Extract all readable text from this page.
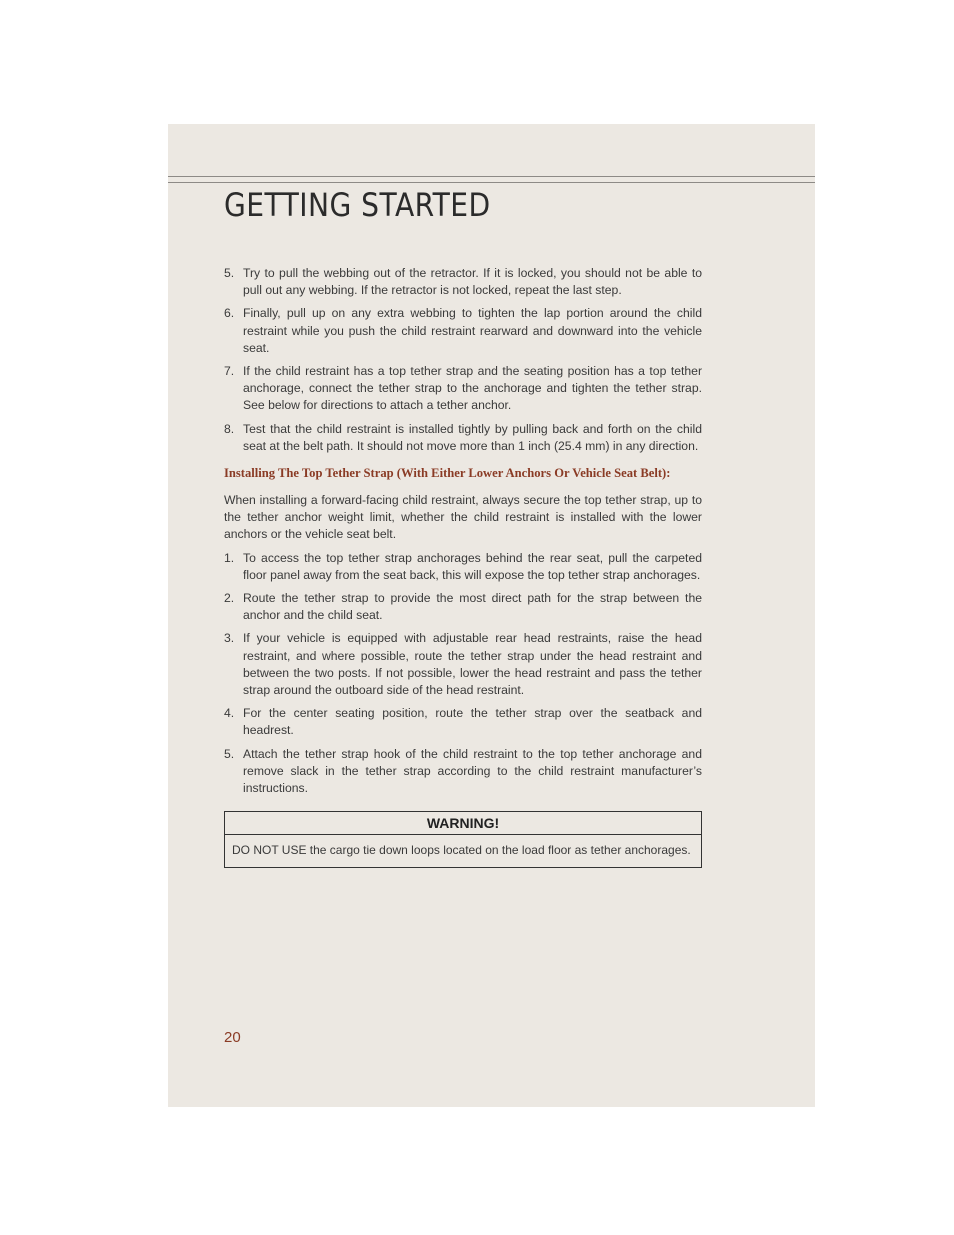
GETTING STARTED
5. Try to pull the webbing out of the retractor. If it is locked, you should not be able to pull out any webbing. If the retractor is not locked, repeat the last step.
6. Finally, pull up on any extra webbing to tighten the lap portion around the child restraint while you push the child restraint rearward and downward into the vehicle seat.
7. If the child restraint has a top tether strap and the seating position has a top tether anchorage, connect the tether strap to the anchorage and tighten the tether strap. See below for directions to attach a tether anchor.
8. Test that the child restraint is installed tightly by pulling back and forth on the child seat at the belt path. It should not move more than 1 inch (25.4 mm) in any direction.
Installing The Top Tether Strap (With Either Lower Anchors Or Vehicle Seat Belt):

When installing a forward-facing child restraint, always secure the top tether strap, up to the tether anchor weight limit, whether the child restraint is installed with the lower anchors or the vehicle seat belt.

1. To access the top tether strap anchorages behind the rear seat, pull the carpeted floor panel away from the seat back, this will expose the top tether strap anchorages.
2. Route the tether strap to provide the most direct path for the strap between the anchor and the child seat.
3. If your vehicle is equipped with adjustable rear head restraints, raise the head restraint, and where possible, route the tether strap under the head restraint and between the two posts. If not possible, lower the head restraint and pass the tether strap around the outboard side of the head restraint.
4. For the center seating position, route the tether strap over the seatback and headrest.
5. Attach the tether strap hook of the child restraint to the top tether anchorage and remove slack in the tether strap according to the child restraint manufacturer’s instructions.
WARNING!
DO NOT USE the cargo tie down loops located on the load floor as tether anchorages.
20
